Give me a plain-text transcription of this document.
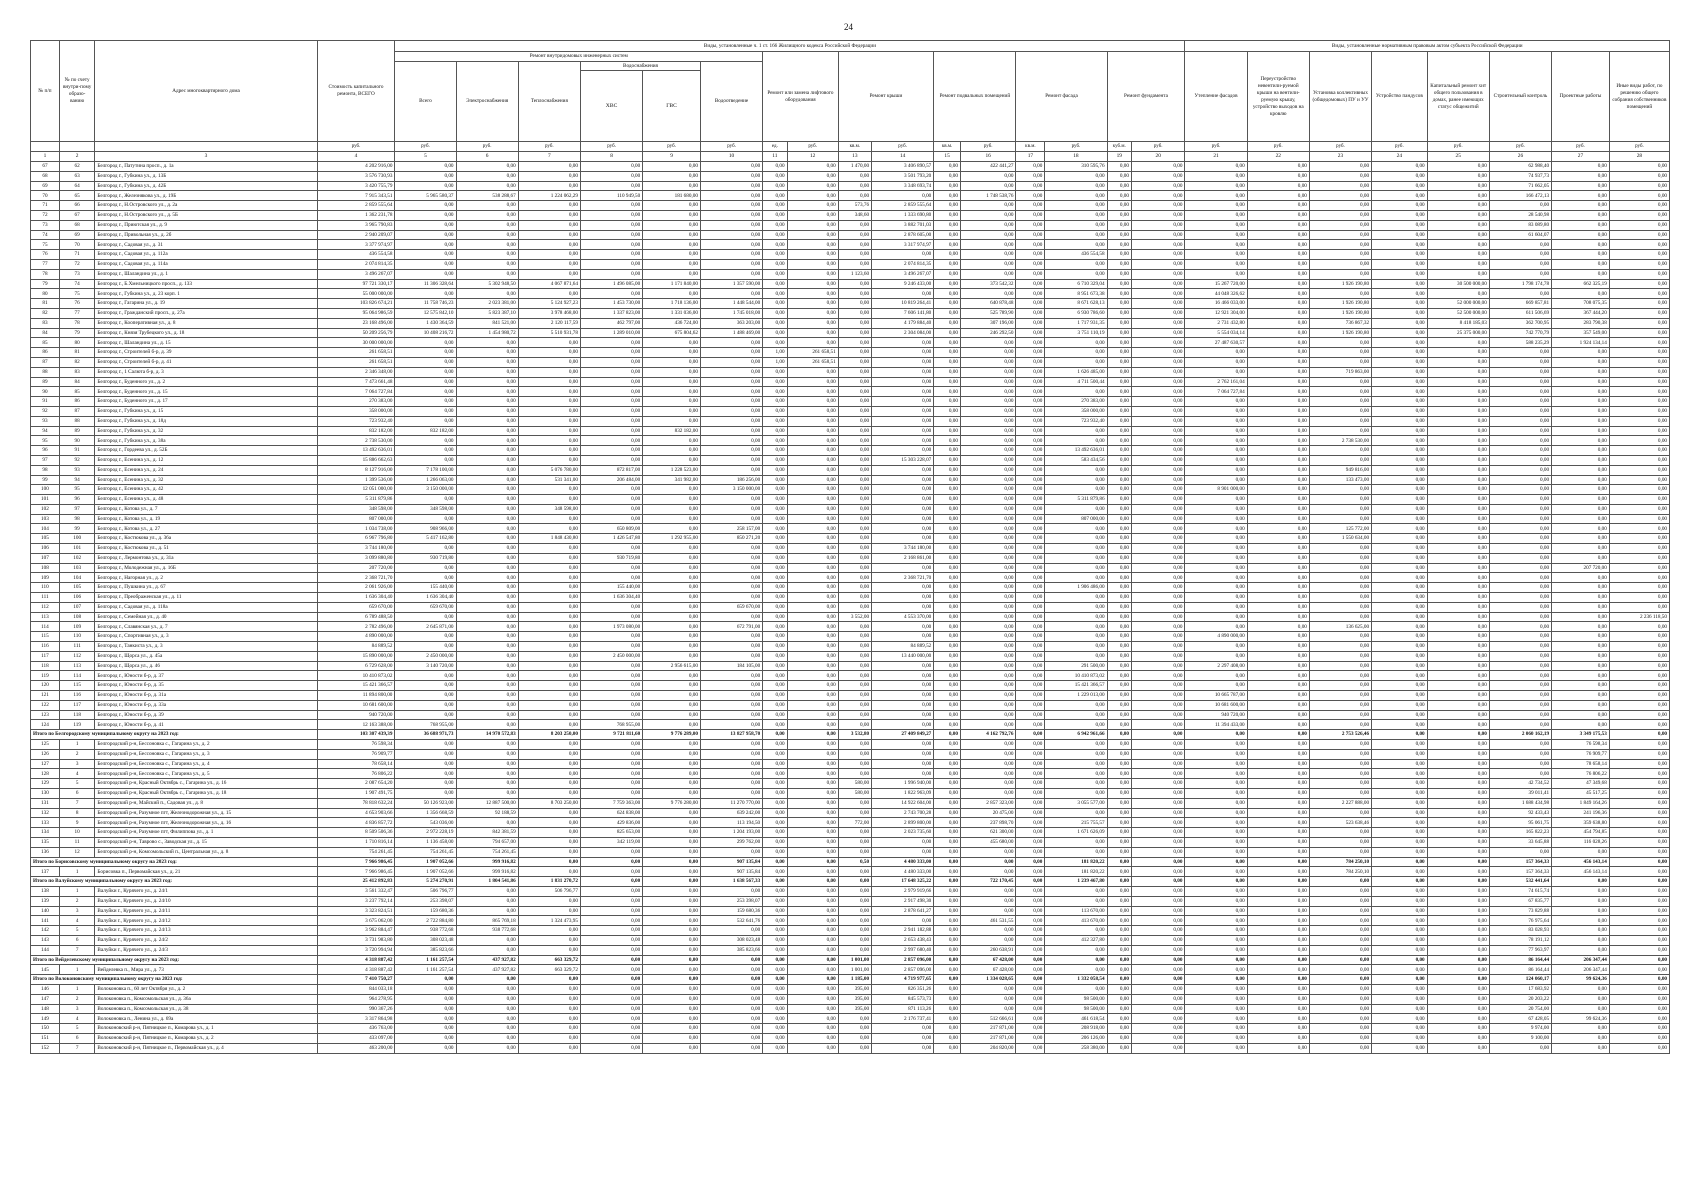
24
№ п/п	№ по счету внутри-пому образо-ванию	Адрес многоквартирного дома	Стоимость капитального ремонта, ВСЕГО	Виды, установленные ч. 1 ст. 166 Жилищного кодекса Российской Федерации																Виды, установленные нормативным правовым актом субъекта Российской Федерации							
				Ремонт внутридомовых инженерных систем						Ремонт или замена лифтового оборудования		Ремонт крыши		Ремонт подвальных помещений		Ремонт фасада		Ремонт фундамента		Утепление фасадов	Переустройство невентили-руемой крыши на вентили-руемую крышу, устройство выходов на кровлю	Установка коллективных (общедомовых) ПУ и УУ	Устройство пандусов	Капитальный ремонт хит общего пользования в домах, ранее имеющих статус общежитий	Строительный контроль	Проектные работы	Иные виды работ, по решению общего собрания собственников помещений
				Всего	Электроснабжения	Теплоснабжения	Водоснабжения		Водоотведение																		
							ХВС	ГВС																			
			руб.	руб.	руб.	руб.	руб.	руб.	руб.	ед.	руб.	кв.м.	руб.	кв.м.	руб.	кв.м.	руб.	куб.м.	руб.	руб.	руб.	руб.	руб.	руб.	руб.	руб.	руб.
1	2	3	4	5	6	7	8	9	10	11	12	13	14	15	16	17	18	19	20	21	22	23	24	25	26	27	28
67	62	Белгород г., Патутина просп., д. 1а	4 202 916,00	0,00	0,00	0,00	0,00	0,00	0,00	0,00	0,00	1 470,00	3 406 890,57	0,00	422 441,27	0,00	310 595,76	0,00	0,00	0,00	0,00	0,00	0,00	0,00	62 988,40	0,00	0,00
68	63	Белгород г., Губкина ул., д. 13Б	3 576 730,93	0,00	0,00	0,00	0,00	0,00	0,00	0,00	0,00	0,00	3 501 793,20	0,00	0,00	0,00	0,00	0,00	0,00	0,00	0,00	0,00	0,00	0,00	74 937,73	0,00	0,00
69	64	Белгород г., Губкина ул., д. 42Б	3 420 755,79	0,00	0,00	0,00	0,00	0,00	0,00	0,00	0,00	0,00	3 348 693,74	0,00	0,00	0,00	0,00	0,00	0,00	0,00	0,00	0,00	0,00	0,00	71 662,05	0,00	0,00
70	65	Белгород г., Железнякова ул., д. 19Б	7 915 343,51	5 965 580,37	538 288,67	1 224 062,29	110 949,50	181 680,00	0,00	0,00	0,00	0,00	0,00	0,00	1 748 538,76	0,00	0,00	0,00	0,00	0,00	0,00	0,00	0,00	0,00	166 472,13	0,00	0,00
71	66	Белгород г., Н.Островского ул., д. 2а	2 859 555,64	0,00	0,00	0,00	0,00	0,00	0,00	0,00	0,00	573,76	2 859 555,64	0,00	0,00	0,00	0,00	0,00	0,00	0,00	0,00	0,00	0,00	0,00	0,00	0,00	0,00
72	67	Белгород г., Н.Островского ул., д. 5Б	1 362 231,78	0,00	0,00	0,00	0,00	0,00	0,00	0,00	0,00	348,60	1 333 690,80	0,00	0,00	0,00	0,00	0,00	0,00	0,00	0,00	0,00	0,00	0,00	28 540,98	0,00	0,00
73	68	Белгород г., Приютская ул., д. 9	3 965 790,83	0,00	0,00	0,00	0,00	0,00	0,00	0,00	0,00	0,00	3 882 701,03	0,00	0,00	0,00	0,00	0,00	0,00	0,00	0,00	0,00	0,00	0,00	83 089,80	0,00	0,00
74	69	Белгород г., Привольная ул., д. 2б	2 940 209,07	0,00	0,00	0,00	0,00	0,00	0,00	0,00	0,00	0,00	2 878 605,00	0,00	0,00	0,00	0,00	0,00	0,00	0,00	0,00	0,00	0,00	0,00	61 604,07	0,00	0,00
75	70	Белгород г., Садовая ул., д. 31	3 377 974,97	0,00	0,00	0,00	0,00	0,00	0,00	0,00	0,00	0,00	3 317 974,97	0,00	0,00	0,00	0,00	0,00	0,00	0,00	0,00	0,00	0,00	0,00	0,00	0,00	0,00
76	71	Белгород г., Садовая ул., д. 112а	436 554,58	0,00	0,00	0,00	0,00	0,00	0,00	0,00	0,00	0,00	0,00	0,00	0,00	0,00	436 554,58	0,00	0,00	0,00	0,00	0,00	0,00	0,00	0,00	0,00	0,00
77	72	Белгород г., Садовая ул., д. 114а	2 074 814,35	0,00	0,00	0,00	0,00	0,00	0,00	0,00	0,00	0,00	2 074 814,35	0,00	0,00	0,00	0,00	0,00	0,00	0,00	0,00	0,00	0,00	0,00	0,00	0,00	0,00
78	73	Белгород г., Шаландина ул., д. 1	3 496 267,07	0,00	0,00	0,00	0,00	0,00	0,00	0,00	0,00	1 123,60	3 496 267,07	0,00	0,00	0,00	0,00	0,00	0,00	0,00	0,00	0,00	0,00	0,00	0,00	0,00	0,00
79	74	Белгород г., Б.Хмельницкого просп., д. 133	97 721 330,17	11 306 328,64	5 302 948,50	4 067 871,64	1 496 085,00	1 171 840,00	1 357 590,00	0,00	0,00	0,00	9 246 433,00	0,00	373 542,32	0,00	6 710 329,04	0,00	0,00	15 267 720,00	0,00	1 926 190,80	0,00	30 500 000,00	1 798 174,78	662 325,19	0,00
80	75	Белгород г., Губкина ул., д. 23 корп. 1	55 000 000,00	0,00	0,00	0,00	0,00	0,00	0,00	0,00	0,00	0,00	0,00	0,00	0,00	0,00	8 951 673,38	0,00	0,00	44 048 326,62	0,00	0,00	0,00	0,00	0,00	0,00	0,00
81	76	Белгород г., Гагарина ул., д. 19	103 826 674,21	11 758 746,23	2 023 381,00	5 124 927,23	1 453 730,00	1 718 136,00	1 448 544,00	0,00	0,00	0,00	10 819 264,41	0,00	640 878,48	0,00	8 671 628,13	0,00	0,00	16 466 033,00	0,00	1 926 190,80	0,00	52 000 000,00	669 857,81	708 075,35	0,00
82	77	Белгород г., Гражданский просп., д. 27а	95 064 986,59	12 575 842,10	5 823 387,10	3 978 468,00	1 337 823,00	1 331 036,00	1 745 018,00	0,00	0,00	0,00	7 606 141,80	0,00	525 789,90	0,00	6 930 786,60	0,00	0,00	12 921 304,00	0,00	1 926 190,80	0,00	52 500 000,00	611 506,69	367 444,20	0,00
83	78	Белгород г., Кооперативная ул., д. 8	23 168 496,00	1 430 364,59	841 521,00	2 120 117,59	462 797,00	436 724,00	363 203,00	0,00	0,00	0,00	4 179 884,40	0,00	307 196,00	0,00	1 717 931,35	0,00	0,00	2 731 432,80	0,00	736 867,32	0,00	8 418 185,03	362 700,95	283 790,38	0,00
84	79	Белгород г., Князя Трубецкого ул., д. 18	50 209 256,79	10 408 216,72	1 454 980,72	5 510 931,78	1 289 010,00	675 804,62	1 488 469,00	0,00	0,00	0,00	2 304 084,00	0,00	246 292,50	0,00	3 751 110,19	0,00	0,00	5 554 034,14	0,00	1 926 190,80	0,00	25 375 000,00	742 770,79	357 549,00	0,00
85	80	Белгород г., Шаландина ул., д. 15	30 000 000,00	0,00	0,00	0,00	0,00	0,00	0,00	0,00	0,00	0,00	0,00	0,00	0,00	0,00	0,00	0,00	0,00	27 487 630,57	0,00	0,00	0,00	0,00	588 235,29	1 924 134,14	0,00
86	81	Белгород г., Строителей б-р, д. 39	261 658,51	0,00	0,00	0,00	0,00	0,00	0,00	1,00	261 658,51	0,00	0,00	0,00	0,00	0,00	0,00	0,00	0,00	0,00	0,00	0,00	0,00	0,00	0,00	0,00	0,00
87	82	Белгород г., Строителей б-р, д. 41	261 658,51	0,00	0,00	0,00	0,00	0,00	0,00	1,00	261 658,51	0,00	0,00	0,00	0,00	0,00	0,00	0,00	0,00	0,00	0,00	0,00	0,00	0,00	0,00	0,00	0,00
88	83	Белгород г., 1 Салюта б-р, д. 3	2 346 348,00	0,00	0,00	0,00	0,00	0,00	0,00	0,00	0,00	0,00	0,00	0,00	0,00	0,00	1 626 485,00	0,00	0,00	0,00	0,00	719 863,00	0,00	0,00	0,00	0,00	0,00
89	84	Белгород г., Буденного ул., д. 2	7 473 661,48	0,00	0,00	0,00	0,00	0,00	0,00	0,00	0,00	0,00	0,00	0,00	0,00	0,00	4 711 500,44	0,00	0,00	2 762 161,04	0,00	0,00	0,00	0,00	0,00	0,00	0,00
90	85	Белгород г., Буденного ул., д. 15	7 064 727,84	0,00	0,00	0,00	0,00	0,00	0,00	0,00	0,00	0,00	0,00	0,00	0,00	0,00	0,00	0,00	0,00	7 064 727,84	0,00	0,00	0,00	0,00	0,00	0,00	0,00
91	86	Белгород г., Буденного ул., д. 17	270 383,00	0,00	0,00	0,00	0,00	0,00	0,00	0,00	0,00	0,00	0,00	0,00	0,00	0,00	270 383,00	0,00	0,00	0,00	0,00	0,00	0,00	0,00	0,00	0,00	0,00
92	87	Белгород г., Губкина ул., д. 15	358 000,00	0,00	0,00	0,00	0,00	0,00	0,00	0,00	0,00	0,00	0,00	0,00	0,00	0,00	358 000,00	0,00	0,00	0,00	0,00	0,00	0,00	0,00	0,00	0,00	0,00
93	88	Белгород г., Губкина ул., д. 18д	723 932,40	0,00	0,00	0,00	0,00	0,00	0,00	0,00	0,00	0,00	0,00	0,00	0,00	0,00	723 932,40	0,00	0,00	0,00	0,00	0,00	0,00	0,00	0,00	0,00	0,00
94	89	Белгород г., Губкина ул., д. 32	832 182,00	832 182,00	0,00	0,00	0,00	832 182,00	0,00	0,00	0,00	0,00	0,00	0,00	0,00	0,00	0,00	0,00	0,00	0,00	0,00	0,00	0,00	0,00	0,00	0,00	0,00
95	90	Белгород г., Губкина ул., д. 38а	2 738 530,00	0,00	0,00	0,00	0,00	0,00	0,00	0,00	0,00	0,00	0,00	0,00	0,00	0,00	0,00	0,00	0,00	0,00	0,00	2 738 530,00	0,00	0,00	0,00	0,00	0,00
96	91	Белгород г., Гордеева ул., д. 52Б	13 492 636,01	0,00	0,00	0,00	0,00	0,00	0,00	0,00	0,00	0,00	0,00	0,00	0,00	0,00	13 492 636,01	0,00	0,00	0,00	0,00	0,00	0,00	0,00	0,00	0,00	0,00
97	92	Белгород г., Есенина ул., д. 12	15 886 662,63	0,00	0,00	0,00	0,00	0,00	0,00	0,00	0,00	0,00	15 303 228,07	0,00	0,00	0,00	583 434,56	0,00	0,00	0,00	0,00	0,00	0,00	0,00	0,00	0,00	0,00
98	93	Белгород г., Есенина ул., д. 24	8 127 916,00	7 178 100,00	0,00	5 076 780,00	872 817,00	1 228 523,00	0,00	0,00	0,00	0,00	0,00	0,00	0,00	0,00	0,00	0,00	0,00	0,00	0,00	949 816,00	0,00	0,00	0,00	0,00	0,00
99	94	Белгород г., Есенина ул., д. 32	1 399 536,00	1 266 063,00	0,00	531 341,00	206 484,00	341 982,00	186 256,00	0,00	0,00	0,00	0,00	0,00	0,00	0,00	0,00	0,00	0,00	0,00	0,00	133 473,00	0,00	0,00	0,00	0,00	0,00
100	95	Белгород г., Есенина ул., д. 42	12 051 000,00	3 150 000,00	0,00	0,00	0,00	0,00	3 150 000,00	0,00	0,00	0,00	0,00	0,00	0,00	0,00	0,00	0,00	0,00	8 901 000,00	0,00	0,00	0,00	0,00	0,00	0,00	0,00
101	96	Белгород г., Есенина ул., д. 48	5 311 879,86	0,00	0,00	0,00	0,00	0,00	0,00	0,00	0,00	0,00	0,00	0,00	0,00	0,00	5 311 879,86	0,00	0,00	0,00	0,00	0,00	0,00	0,00	0,00	0,00	0,00
102	97	Белгород г., Котова ул., д. 7	348 598,00	348 598,00	0,00	348 598,00	0,00	0,00	0,00	0,00	0,00	0,00	0,00	0,00	0,00	0,00	0,00	0,00	0,00	0,00	0,00	0,00	0,00	0,00	0,00	0,00	0,00
103	98	Белгород г., Котова ул., д. 19	807 000,00	0,00	0,00	0,00	0,00	0,00	0,00	0,00	0,00	0,00	0,00	0,00	0,00	0,00	807 000,00	0,00	0,00	0,00	0,00	0,00	0,00	0,00	0,00	0,00	0,00
104	99	Белгород г., Котова ул., д. 27	1 034 738,00	908 966,00	0,00	0,00	650 809,00	0,00	258 157,00	0,00	0,00	0,00	0,00	0,00	0,00	0,00	0,00	0,00	0,00	0,00	0,00	125 772,00	0,00	0,00	0,00	0,00	0,00
105	100	Белгород г., Костюкова ул., д. 36а	6 967 796,80	5 417 162,80	0,00	1 848 430,80	1 426 547,80	1 292 955,00	850 271,20	0,00	0,00	0,00	0,00	0,00	0,00	0,00	0,00	0,00	0,00	0,00	0,00	1 550 634,00	0,00	0,00	0,00	0,00	0,00
106	101	Белгород г., Костюкова ул., д. 51	3 744 180,00	0,00	0,00	0,00	0,00	0,00	0,00	0,00	0,00	0,00	3 744 180,00	0,00	0,00	0,00	0,00	0,00	0,00	0,00	0,00	0,00	0,00	0,00	0,00	0,00	0,00
107	102	Белгород г., Лермонтова ул., д. 31а	3 099 880,80	930 719,80	0,00	0,00	930 719,80	0,00	0,00	0,00	0,00	0,00	2 168 861,00	0,00	0,00	0,00	0,00	0,00	0,00	0,00	0,00	0,00	0,00	0,00	0,00	0,00	0,00
108	103	Белгород г., Молодежная ул., д. 16Б	207 720,00	0,00	0,00	0,00	0,00	0,00	0,00	0,00	0,00	0,00	0,00	0,00	0,00	0,00	0,00	0,00	0,00	0,00	0,00	0,00	0,00	0,00	0,00	207 720,00	0,00
109	104	Белгород г., Нагорная ул., д. 2	2 368 721,70	0,00	0,00	0,00	0,00	0,00	0,00	0,00	0,00	0,00	2 368 721,70	0,00	0,00	0,00	0,00	0,00	0,00	0,00	0,00	0,00	0,00	0,00	0,00	0,00	0,00
110	105	Белгород г., Пушкина ул., д. 67	2 061 926,00	155 440,00	0,00	0,00	155 440,00	0,00	0,00	0,00	0,00	0,00	0,00	0,00	0,00	0,00	1 906 486,00	0,00	0,00	0,00	0,00	0,00	0,00	0,00	0,00	0,00	0,00
111	106	Белгород г., Преображенская ул., д. 11	1 636 304,40	1 636 304,40	0,00	0,00	1 636 304,40	0,00	0,00	0,00	0,00	0,00	0,00	0,00	0,00	0,00	0,00	0,00	0,00	0,00	0,00	0,00	0,00	0,00	0,00	0,00	0,00
112	107	Белгород г., Садовая ул., д. 118а	659 670,00	659 670,00	0,00	0,00	0,00	0,00	659 670,00	0,00	0,00	0,00	0,00	0,00	0,00	0,00	0,00	0,00	0,00	0,00	0,00	0,00	0,00	0,00	0,00	0,00	0,00
113	108	Белгород г., Семейная ул., д. 40	6 789 488,50	0,00	0,00	0,00	0,00	0,00	0,00	0,00	0,00	3 552,00	4 553 370,00	0,00	0,00	0,00	0,00	0,00	0,00	0,00	0,00	0,00	0,00	0,00	0,00	0,00	2 236 118,50
114	109	Белгород г., Славянская ул., д. 7	2 782 496,00	2 645 871,00	0,00	0,00	1 973 080,00	0,00	672 791,00	0,00	0,00	0,00	0,00	0,00	0,00	0,00	0,00	0,00	0,00	0,00	0,00	136 625,00	0,00	0,00	0,00	0,00	0,00
115	110	Белгород г., Спортивная ул., д. 3	4 890 000,00	0,00	0,00	0,00	0,00	0,00	0,00	0,00	0,00	0,00	0,00	0,00	0,00	0,00	0,00	0,00	0,00	4 890 000,00	0,00	0,00	0,00	0,00	0,00	0,00	0,00
116	111	Белгород г., Танкиста ул., д. 3	84 889,52	0,00	0,00	0,00	0,00	0,00	0,00	0,00	0,00	0,00	84 889,52	0,00	0,00	0,00	0,00	0,00	0,00	0,00	0,00	0,00	0,00	0,00	0,00	0,00	0,00
117	112	Белгород г., Щорса ул., д. 45а	15 890 000,00	2 450 000,00	0,00	0,00	2 450 000,00	0,00	0,00	0,00	0,00	0,00	13 440 000,00	0,00	0,00	0,00	0,00	0,00	0,00	0,00	0,00	0,00	0,00	0,00	0,00	0,00	0,00
118	113	Белгород г., Щорса ул., д. 46	6 729 628,00	3 140 720,00	0,00	0,00	0,00	2 956 615,00	184 105,00	0,00	0,00	0,00	0,00	0,00	0,00	0,00	291 500,00	0,00	0,00	2 297 408,00	0,00	0,00	0,00	0,00	0,00	0,00	0,00
119	114	Белгород г., Юности б-р, д. 37	10 410 873,02	0,00	0,00	0,00	0,00	0,00	0,00	0,00	0,00	0,00	0,00	0,00	0,00	0,00	10 410 873,02	0,00	0,00	0,00	0,00	0,00	0,00	0,00	0,00	0,00	0,00
120	115	Белгород г., Юности б-р, д. 35	15 421 366,57	0,00	0,00	0,00	0,00	0,00	0,00	0,00	0,00	0,00	0,00	0,00	0,00	0,00	15 421 366,57	0,00	0,00	0,00	0,00	0,00	0,00	0,00	0,00	0,00	0,00
121	116	Белгород г., Юности б-р, д. 31а	11 894 800,00	0,00	0,00	0,00	0,00	0,00	0,00	0,00	0,00	0,00	0,00	0,00	0,00	0,00	1 229 013,00	0,00	0,00	10 665 787,00	0,00	0,00	0,00	0,00	0,00	0,00	0,00
122	117	Белгород г., Юности б-р, д. 33а	10 681 600,00	0,00	0,00	0,00	0,00	0,00	0,00	0,00	0,00	0,00	0,00	0,00	0,00	0,00	0,00	0,00	0,00	10 681 600,00	0,00	0,00	0,00	0,00	0,00	0,00	0,00
123	118	Белгород г., Юности б-р, д. 39	940 720,00	0,00	0,00	0,00	0,00	0,00	0,00	0,00	0,00	0,00	0,00	0,00	0,00	0,00	0,00	0,00	0,00	940 720,00	0,00	0,00	0,00	0,00	0,00	0,00	0,00
124	119	Белгород г., Юности б-р, д. 41	12 163 388,00	768 955,00	0,00	0,00	768 955,00	0,00	0,00	0,00	0,00	0,00	0,00	0,00	0,00	0,00	0,00	0,00	0,00	11 394 433,00	0,00	0,00	0,00	0,00	0,00	0,00	0,00
Итого по Белгородскому муниципальному округу на 2023 год:			103 307 439,39	36 688 971,73	14 970 572,83	8 203 250,00	9 721 811,60	9 776 289,00	13 827 958,70	0,00	0,00	3 532,80	27 409 849,27	0,00	4 162 792,76	0,00	6 942 961,66	0,00	0,00	0,00	0,00	2 753 526,46	0,00	0,00	2 060 162,19	3 349 175,53	0,00
125	1	Белгородский р-н, Бессоновка с., Гагарина ул., д. 2	76 598,34	0,00	0,00	0,00	0,00	0,00	0,00	0,00	0,00	0,00	0,00	0,00	0,00	0,00	0,00	0,00	0,00	0,00	0,00	0,00	0,00	0,00	0,00	76 598,34	0,00
126	2	Белгородский р-н, Бессоновка с., Гагарина ул., д. 3	76 909,77	0,00	0,00	0,00	0,00	0,00	0,00	0,00	0,00	0,00	0,00	0,00	0,00	0,00	0,00	0,00	0,00	0,00	0,00	0,00	0,00	0,00	0,00	76 909,77	0,00
127	3	Белгородский р-н, Бессоновка с., Гагарина ул., д. 4	78 658,14	0,00	0,00	0,00	0,00	0,00	0,00	0,00	0,00	0,00	0,00	0,00	0,00	0,00	0,00	0,00	0,00	0,00	0,00	0,00	0,00	0,00	0,00	78 658,14	0,00
128	4	Белгородский р-н, Бессоновка с., Гагарина ул., д. 5	76 806,22	0,00	0,00	0,00	0,00	0,00	0,00	0,00	0,00	0,00	0,00	0,00	0,00	0,00	0,00	0,00	0,00	0,00	0,00	0,00	0,00	0,00	0,00	76 806,22	0,00
129	5	Белгородский р-н, Красный Октябрь с., Гагарина ул., д. 16	2 087 654,20	0,00	0,00	0,00	0,00	0,00	0,00	0,00	0,00	580,00	1 996 940,00	0,00	0,00	0,00	0,00	0,00	0,00	0,00	0,00	0,00	0,00	0,00	42 734,52	47 349,68	0,00
130	6	Белгородский р-н, Красный Октябрь с., Гагарина ул., д. 18	1 907 491,75	0,00	0,00	0,00	0,00	0,00	0,00	0,00	0,00	580,00	1 822 963,09	0,00	0,00	0,00	0,00	0,00	0,00	0,00	0,00	0,00	0,00	0,00	39 011,41	45 517,25	0,00
131	7	Белгородский р-н, Майский п., Садовая ул., д. 8	78 818 632,24	50 126 923,00	12 887 500,00	8 703 250,00	7 759 363,00	9 776 280,00	11 270 770,00	0,00	0,00	0,00	14 922 604,00	0,00	2 857 323,00	0,00	3 055 577,00	0,00	0,00	0,00	0,00	2 227 888,00	0,00	0,00	1 688 434,98	1 849 164,26	0,00
132	8	Белгородский р-н, Разумное пгт, Железнодорожная ул., д. 15	4 653 903,66	1 356 668,59	92 188,59	0,00	624 838,00	0,00	639 242,00	0,00	0,00	0,00	2 743 700,28	0,00	20 475,00	0,00	0,00	0,00	0,00	0,00	0,00	0,00	0,00	0,00	92 433,43	241 196,36	0,00
133	9	Белгородский р-н, Разумное пгт, Железнодорожная ул., д. 16	4 836 857,72	543 036,00	0,00	0,00	429 836,00	0,00	113 194,50	0,00	0,00	772,00	2 899 800,00	0,00	237 898,70	0,00	215 755,57	0,00	0,00	0,00	0,00	523 638,46	0,00	0,00	95 061,75	359 638,80	0,00
134	10	Белгородский р-н, Разумное пгт, Филиппова ул., д. 1	8 509 506,36	2 972 228,19	842 381,59	0,00	825 653,00	0,00	1 204 193,00	0,00	0,00	0,00	2 023 735,60	0,00	621 300,00	0,00	1 671 626,09	0,00	0,00	0,00	0,00	0,00	0,00	0,00	165 822,23	454 794,85	0,00
135	11	Белгородский р-н, Таврово с., Заводская ул., д. 15	1 710 816,14	1 136 458,00	794 657,00	0,00	342 119,00	0,00	299 762,00	0,00	0,00	0,00	0,00	0,00	455 680,00	0,00	0,00	0,00	0,00	0,00	0,00	0,00	0,00	0,00	33 645,88	116 028,26	0,00
136	12	Белгородский р-н, Комсомольский п., Центральная ул., д. 8	754 261,45	754 261,45	754 261,45	0,00	0,00	0,00	0,00	0,00	0,00	0,00	0,00	0,00	0,00	0,00	0,00	0,00	0,00	0,00	0,00	0,00	0,00	0,00	0,00	0,00	0,00
Итого по Борисовскому муниципальному округу на 2023 год:			7 966 986,45	1 907 052,66	999 916,82	0,00	0,00	0,00	907 135,84	0,00	0,00	0,50	4 480 333,00	0,00	0,00	0,00	181 820,22	0,00	0,00	0,00	0,00	784 250,10	0,00	0,00	157 364,33	456 143,14	0,00
137	1	Борисовка п., Первомайская ул., д. 21	7 966 986,45	1 907 052,66	999 916,82	0,00	0,00	0,00	907 135,84	0,00	0,00	0,00	4 480 333,00	0,00	0,00	0,00	181 820,22	0,00	0,00	0,00	0,00	784 250,10	0,00	0,00	157 364,33	456 143,14	0,00
Итого по Валуйскому муниципальному округу на 2023 год:			25 412 892,83	5 274 270,91	1 804 541,86	1 831 270,72	0,00	0,00	1 638 567,33	0,00	0,00	0,00	17 648 325,22	0,00	722 170,45	0,00	1 239 467,80	0,00	0,00	0,00	0,00	0,00	0,00	0,00	532 441,64	0,00	0,00
138	1	Валуйки г., Курячего ул., д. 24/1	3 561 332,47	506 796,77	0,00	506 796,77	0,00	0,00	0,00	0,00	0,00	0,00	2 979 919,66	0,00	0,00	0,00	0,00	0,00	0,00	0,00	0,00	0,00	0,00	0,00	74 615,74	0,00	0,00
139	2	Валуйки г., Курячего ул., д. 24/10	3 237 792,14	253 398,07	0,00	0,00	0,00	0,00	253 398,07	0,00	0,00	0,00	2 917 498,30	0,00	0,00	0,00	0,00	0,00	0,00	0,00	0,00	0,00	0,00	0,00	67 835,77	0,00	0,00
140	3	Валуйки г., Курячего ул., д. 24/11	3 323 824,51	159 680,36	0,00	0,00	0,00	0,00	159 680,36	0,00	0,00	0,00	2 878 641,27	0,00	0,00	0,00	113 670,00	0,00	0,00	0,00	0,00	0,00	0,00	0,00	73 829,88	0,00	0,00
141	4	Валуйки г., Курячего ул., д. 24/12	3 675 062,00	2 722 884,80	865 769,18	1 324 473,95	0,00	0,00	532 641,76	0,00	0,00	0,00	0,00	0,00	461 531,55	0,00	413 670,00	0,00	0,00	0,00	0,00	0,00	0,00	0,00	76 975,64	0,00	0,00
142	5	Валуйки г., Курячего ул., д. 24/13	3 962 884,47	938 772,68	938 772,68	0,00	0,00	0,00	0,00	0,00	0,00	0,00	2 941 182,88	0,00	0,00	0,00	0,00	0,00	0,00	0,00	0,00	0,00	0,00	0,00	83 028,93	0,00	0,00
143	6	Валуйки г., Курячего ул., д. 24/2	3 731 983,80	308 023,48	0,00	0,00	0,00	0,00	308 023,48	0,00	0,00	0,00	2 653 438,43	0,00	0,00	0,00	412 327,80	0,00	0,00	0,00	0,00	0,00	0,00	0,00	78 191,12	0,00	0,00
144	7	Валуйки г., Курячего ул., д. 24/3	3 720 994,94	385 823,66	0,00	0,00	0,00	0,00	385 823,66	0,00	0,00	0,00	2 997 680,40	0,00	260 638,91	0,00	0,00	0,00	0,00	0,00	0,00	0,00	0,00	0,00	77 963,97	0,00	0,00
Итого по Вейделевскому муниципальному округу на 2023 год:			4 318 887,42	1 161 257,54	437 927,82	663 329,72	0,00	0,00	0,00	0,00	0,00	1 001,00	2 857 096,00	0,00	67 428,00	0,00	0,00	0,00	0,00	0,00	0,00	0,00	0,00	0,00	86 164,44	206 347,44	0,00
145	1	Вейделевка п., Мира ул., д. 73	4 318 887,42	1 161 257,54	437 927,82	663 329,72	0,00	0,00	0,00	0,00	0,00	1 001,00	2 857 096,00	0,00	67 428,00	0,00	0,00	0,00	0,00	0,00	0,00	0,00	0,00	0,00	86 164,44	206 347,44	0,00
Итого по Волоконовскому муниципальному округу на 2023 год:			7 410 750,27	0,00	0,00	0,00	0,00	0,00	0,00	0,00	0,00	1 185,00	4 719 977,65	0,00	1 334 028,65	0,00	1 332 058,54	0,00	0,00	0,00	0,00	0,00	0,00	0,00	124 060,17	99 624,36	0,00
146	1	Волоконовка п., 60 лет Октября ул., д. 2	844 033,18	0,00	0,00	0,00	0,00	0,00	0,00	0,00	0,00	395,00	826 351,26	0,00	0,00	0,00	0,00	0,00	0,00	0,00	0,00	0,00	0,00	0,00	17 683,92	0,00	0,00
147	2	Волоконовка п., Комсомольская ул., д. 36а	964 278,95	0,00	0,00	0,00	0,00	0,00	0,00	0,00	0,00	395,00	845 573,73	0,00	0,00	0,00	98 500,00	0,00	0,00	0,00	0,00	0,00	0,00	0,00	20 203,22	0,00	0,00
148	3	Волоконовка п., Комсомольская ул., д. 38	990 367,26	0,00	0,00	0,00	0,00	0,00	0,00	0,00	0,00	395,00	871 113,26	0,00	0,00	0,00	98 500,00	0,00	0,00	0,00	0,00	0,00	0,00	0,00	20 754,00	0,00	0,00
149	4	Волоконовка п., Ленина ул., д. 69а	3 317 864,98	0,00	0,00	0,00	0,00	0,00	0,00	0,00	0,00	0,00	2 176 737,41	0,00	512 666,61	0,00	461 618,54	0,00	0,00	0,00	0,00	0,00	0,00	0,00	67 428,05	99 624,36	0,00
150	5	Волоконовский р-н, Пятницкое п., Комарова ул., д. 1	436 763,00	0,00	0,00	0,00	0,00	0,00	0,00	0,00	0,00	0,00	0,00	0,00	217 871,00	0,00	208 918,00	0,00	0,00	0,00	0,00	0,00	0,00	0,00	9 974,00	0,00	0,00
151	6	Волоконовский р-н, Пятницкое п., Комарова ул., д. 2	433 097,00	0,00	0,00	0,00	0,00	0,00	0,00	0,00	0,00	0,00	0,00	0,00	217 871,00	0,00	206 126,00	0,00	0,00	0,00	0,00	0,00	0,00	0,00	9 100,00	0,00	0,00
152	7	Волоконовский р-н, Пятницкое п., Первомайская ул., д. 4	463 200,00	0,00	0,00	0,00	0,00	0,00	0,00	0,00	0,00	0,00	0,00	0,00	204 820,00	0,00	258 380,00	0,00	0,00	0,00	0,00	0,00	0,00	0,00	0,00	0,00	0,00
